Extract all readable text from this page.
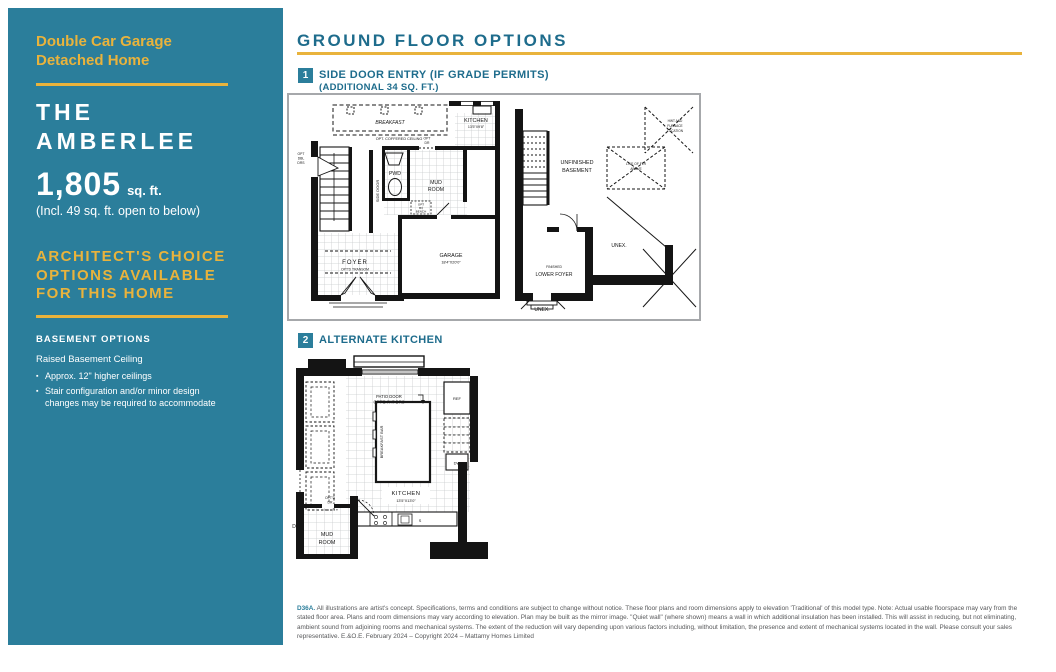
Double Car Garage
Detached Home
THE
AMBERLEE
1,805 sq. ft.
(Incl. 49 sq. ft. open to below)
ARCHITECT'S CHOICE
OPTIONS AVAILABLE
FOR THIS HOME
BASEMENT OPTIONS
Raised Basement Ceiling
▪ Approx. 12" higher ceilings
▪ Stair configuration and/or minor design changes may be required to accommodate
GROUND FLOOR OPTIONS
1 SIDE DOOR ENTRY (IF GRADE PERMITS)
(ADDITIONAL 34 SQ. FT.)
BREAKFAST
OPT. COFFERED CEILING
KITCHEN
13'5"X9'8"
OPT
DBL
DRS
PWD
OPT
DR
MUD
ROOM
SIDE DOOR
OPT
B/I
BENCH
FOYER
OPT'D TRANSOM
GARAGE
18'4"X20'0"
UNFINISHED
BASEMENT
LINE OF FLR
ABOVE
HWT AND
FURNACE
LOCATION
FINISHED
LOWER FOYER
UNEX.
UNEX.
2 ALTERNATE KITCHEN
PATIO DOOR
OPT'D PAT DRS
BREAKFAST BAR
REF
DW
S
OPT'D
DR
KITCHEN
13'5"X13'0"
MUD
ROOM
D
D36A. All illustrations are artist's concept. Specifications, terms and conditions are subject to change without notice. These floor plans and room dimensions apply to elevation 'Traditional' of this model type. Note: Actual usable floorspace may vary from the stated floor area. Plans and room dimensions may vary according to elevation. Plan may be built as the mirror image. "Quiet wall" (where shown) means a wall in which additional insulation has been installed. This will assist in reducing, but not eliminating, ambient sound from adjoining rooms and mechanical systems. The extent of the reduction will vary depending upon various factors including, without limitation, the presence and extent of mechanical systems located in the wall. Please consult your sales representative. E.&O.E. February 2024 – Copyright 2024 – Mattamy Homes Limited
